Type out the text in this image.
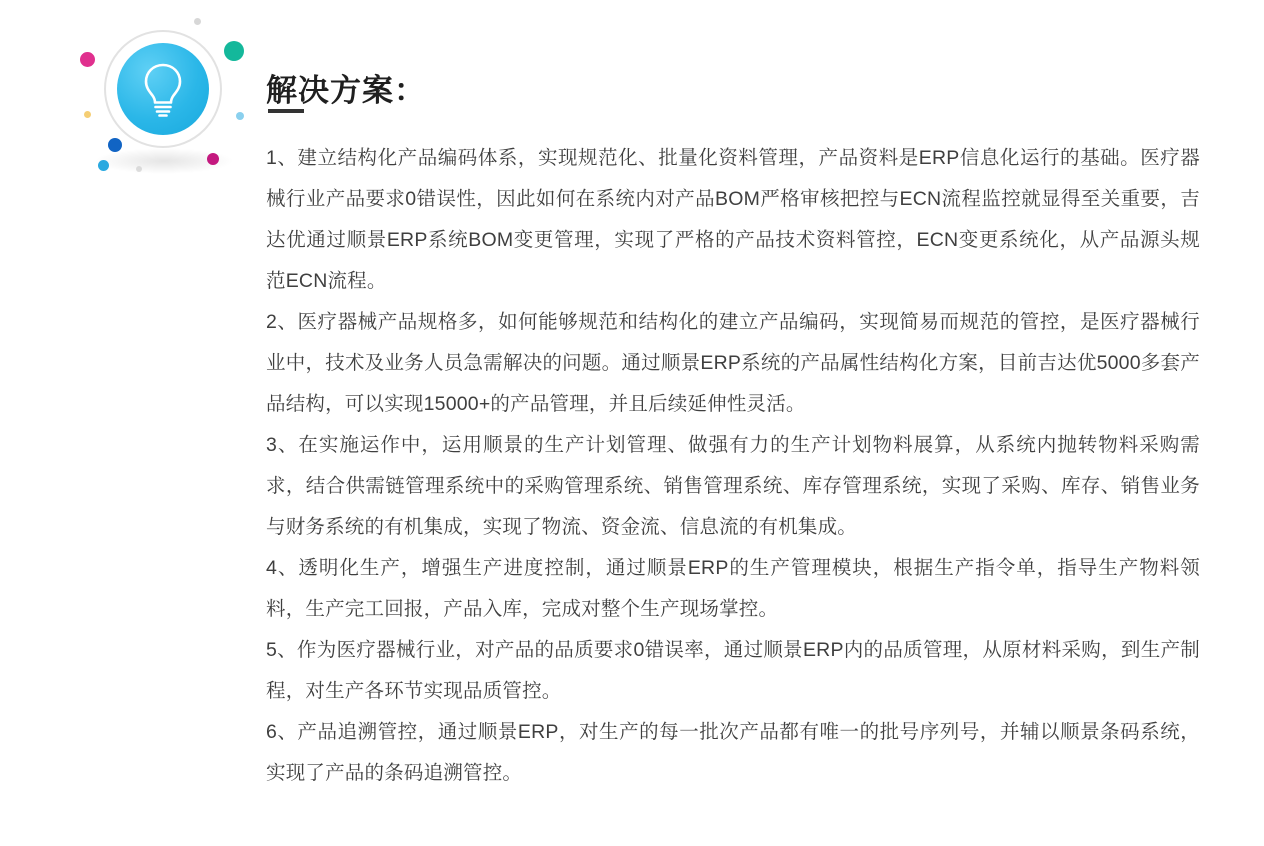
解决方案：

1、建立结构化产品编码体系，实现规范化、批量化资料管理，产品资料是ERP信息化运行的基础。医疗器械行业产品要求0错误性，因此如何在系统内对产品BOM严格审核把控与ECN流程监控就显得至关重要，吉达优通过顺景ERP系统BOM变更管理，实现了严格的产品技术资料管控，ECN变更系统化，从产品源头规范ECN流程。

2、医疗器械产品规格多，如何能够规范和结构化的建立产品编码，实现简易而规范的管控，是医疗器械行业中，技术及业务人员急需解决的问题。通过顺景ERP系统的产品属性结构化方案，目前吉达优5000多套产品结构，可以实现15000+的产品管理，并且后续延伸性灵活。

3、在实施运作中，运用顺景的生产计划管理、做强有力的生产计划物料展算，从系统内抛转物料采购需求，结合供需链管理系统中的采购管理系统、销售管理系统、库存管理系统，实现了采购、库存、销售业务与财务系统的有机集成，实现了物流、资金流、信息流的有机集成。

4、透明化生产，增强生产进度控制，通过顺景ERP的生产管理模块，根据生产指令单，指导生产物料领料，生产完工回报，产品入库，完成对整个生产现场掌控。

5、作为医疗器械行业，对产品的品质要求0错误率，通过顺景ERP内的品质管理，从原材料采购，到生产制程，对生产各环节实现品质管控。

6、产品追溯管控，通过顺景ERP，对生产的每一批次产品都有唯一的批号序列号，并辅以顺景条码系统，实现了产品的条码追溯管控。
